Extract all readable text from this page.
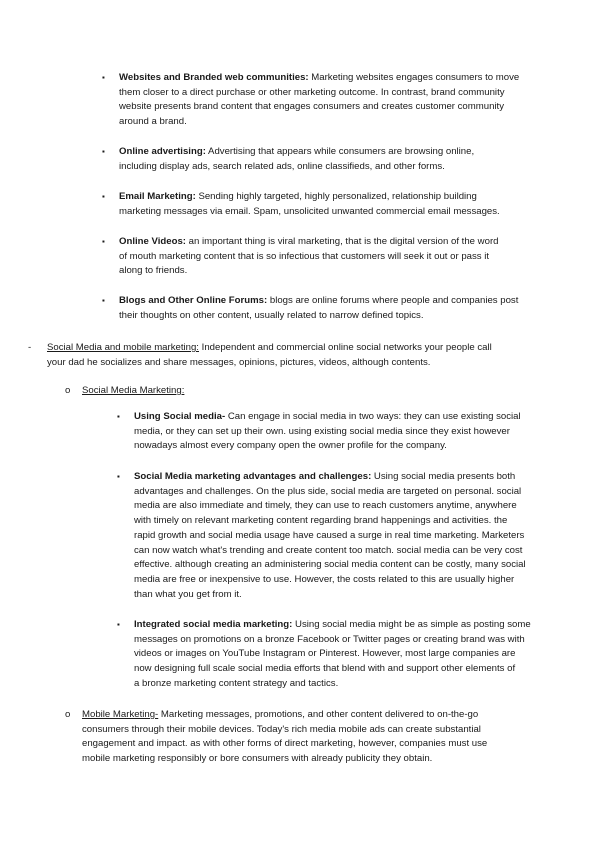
▪	Websites and Branded web communities: Marketing websites engages consumers to move
them closer to a direct purchase or other marketing outcome. In contrast, brand community
website presents brand content that engages consumers and creates customer community
around a brand.
▪	Online advertising: Advertising that appears while consumers are browsing online,
including display ads, search related ads, online classifieds, and other forms.
▪	Email Marketing: Sending highly targeted, highly personalized, relationship building
marketing messages via email. Spam, unsolicited unwanted commercial email messages.
▪	Online Videos: an important thing is viral marketing, that is the digital version of the word
of mouth marketing content that is so infectious that customers will seek it out or pass it
along to friends.
▪	Blogs and Other Online Forums: blogs are online forums where people and companies post
their thoughts on other content, usually related to narrow defined topics.
- Social Media and mobile marketing: Independent and commercial online social networks your people call
your dad he socializes and share messages, opinions, pictures, videos, although contents.
o Social Media Marketing:
▪	Using Social media- Can engage in social media in two ways: they can use existing social
media, or they can set up their own. using existing social media since they exist however
nowadays almost every company open the owner profile for the company.
▪	Social Media marketing advantages and challenges: Using social media presents both
advantages and challenges. On the plus side, social media are targeted on personal. social
media are also immediate and timely, they can use to reach customers anytime, anywhere
with timely on relevant marketing content regarding brand happenings and activities. the
rapid growth and social media usage have caused a surge in real time marketing. Marketers
can now watch what's trending and create content too match. social media can be very cost
effective. although creating an administering social media content can be costly, many social
media are free or inexpensive to use. However, the costs related to this are usually higher
than what you get from it.
▪	Integrated social media marketing: Using social media might be as simple as posting some
messages on promotions on a bronze Facebook or Twitter pages or creating brand was with
videos or images on YouTube Instagram or Pinterest. However, most large companies are
now designing full scale social media efforts that blend with and support other elements of
a bronze marketing content strategy and tactics.
o Mobile Marketing- Marketing messages, promotions, and other content delivered to on-the-go
consumers through their mobile devices. Today's rich media mobile ads can create substantial
engagement and impact. as with other forms of direct marketing, however, companies must use
mobile marketing responsibly or bore consumers with already publicity they obtain.
